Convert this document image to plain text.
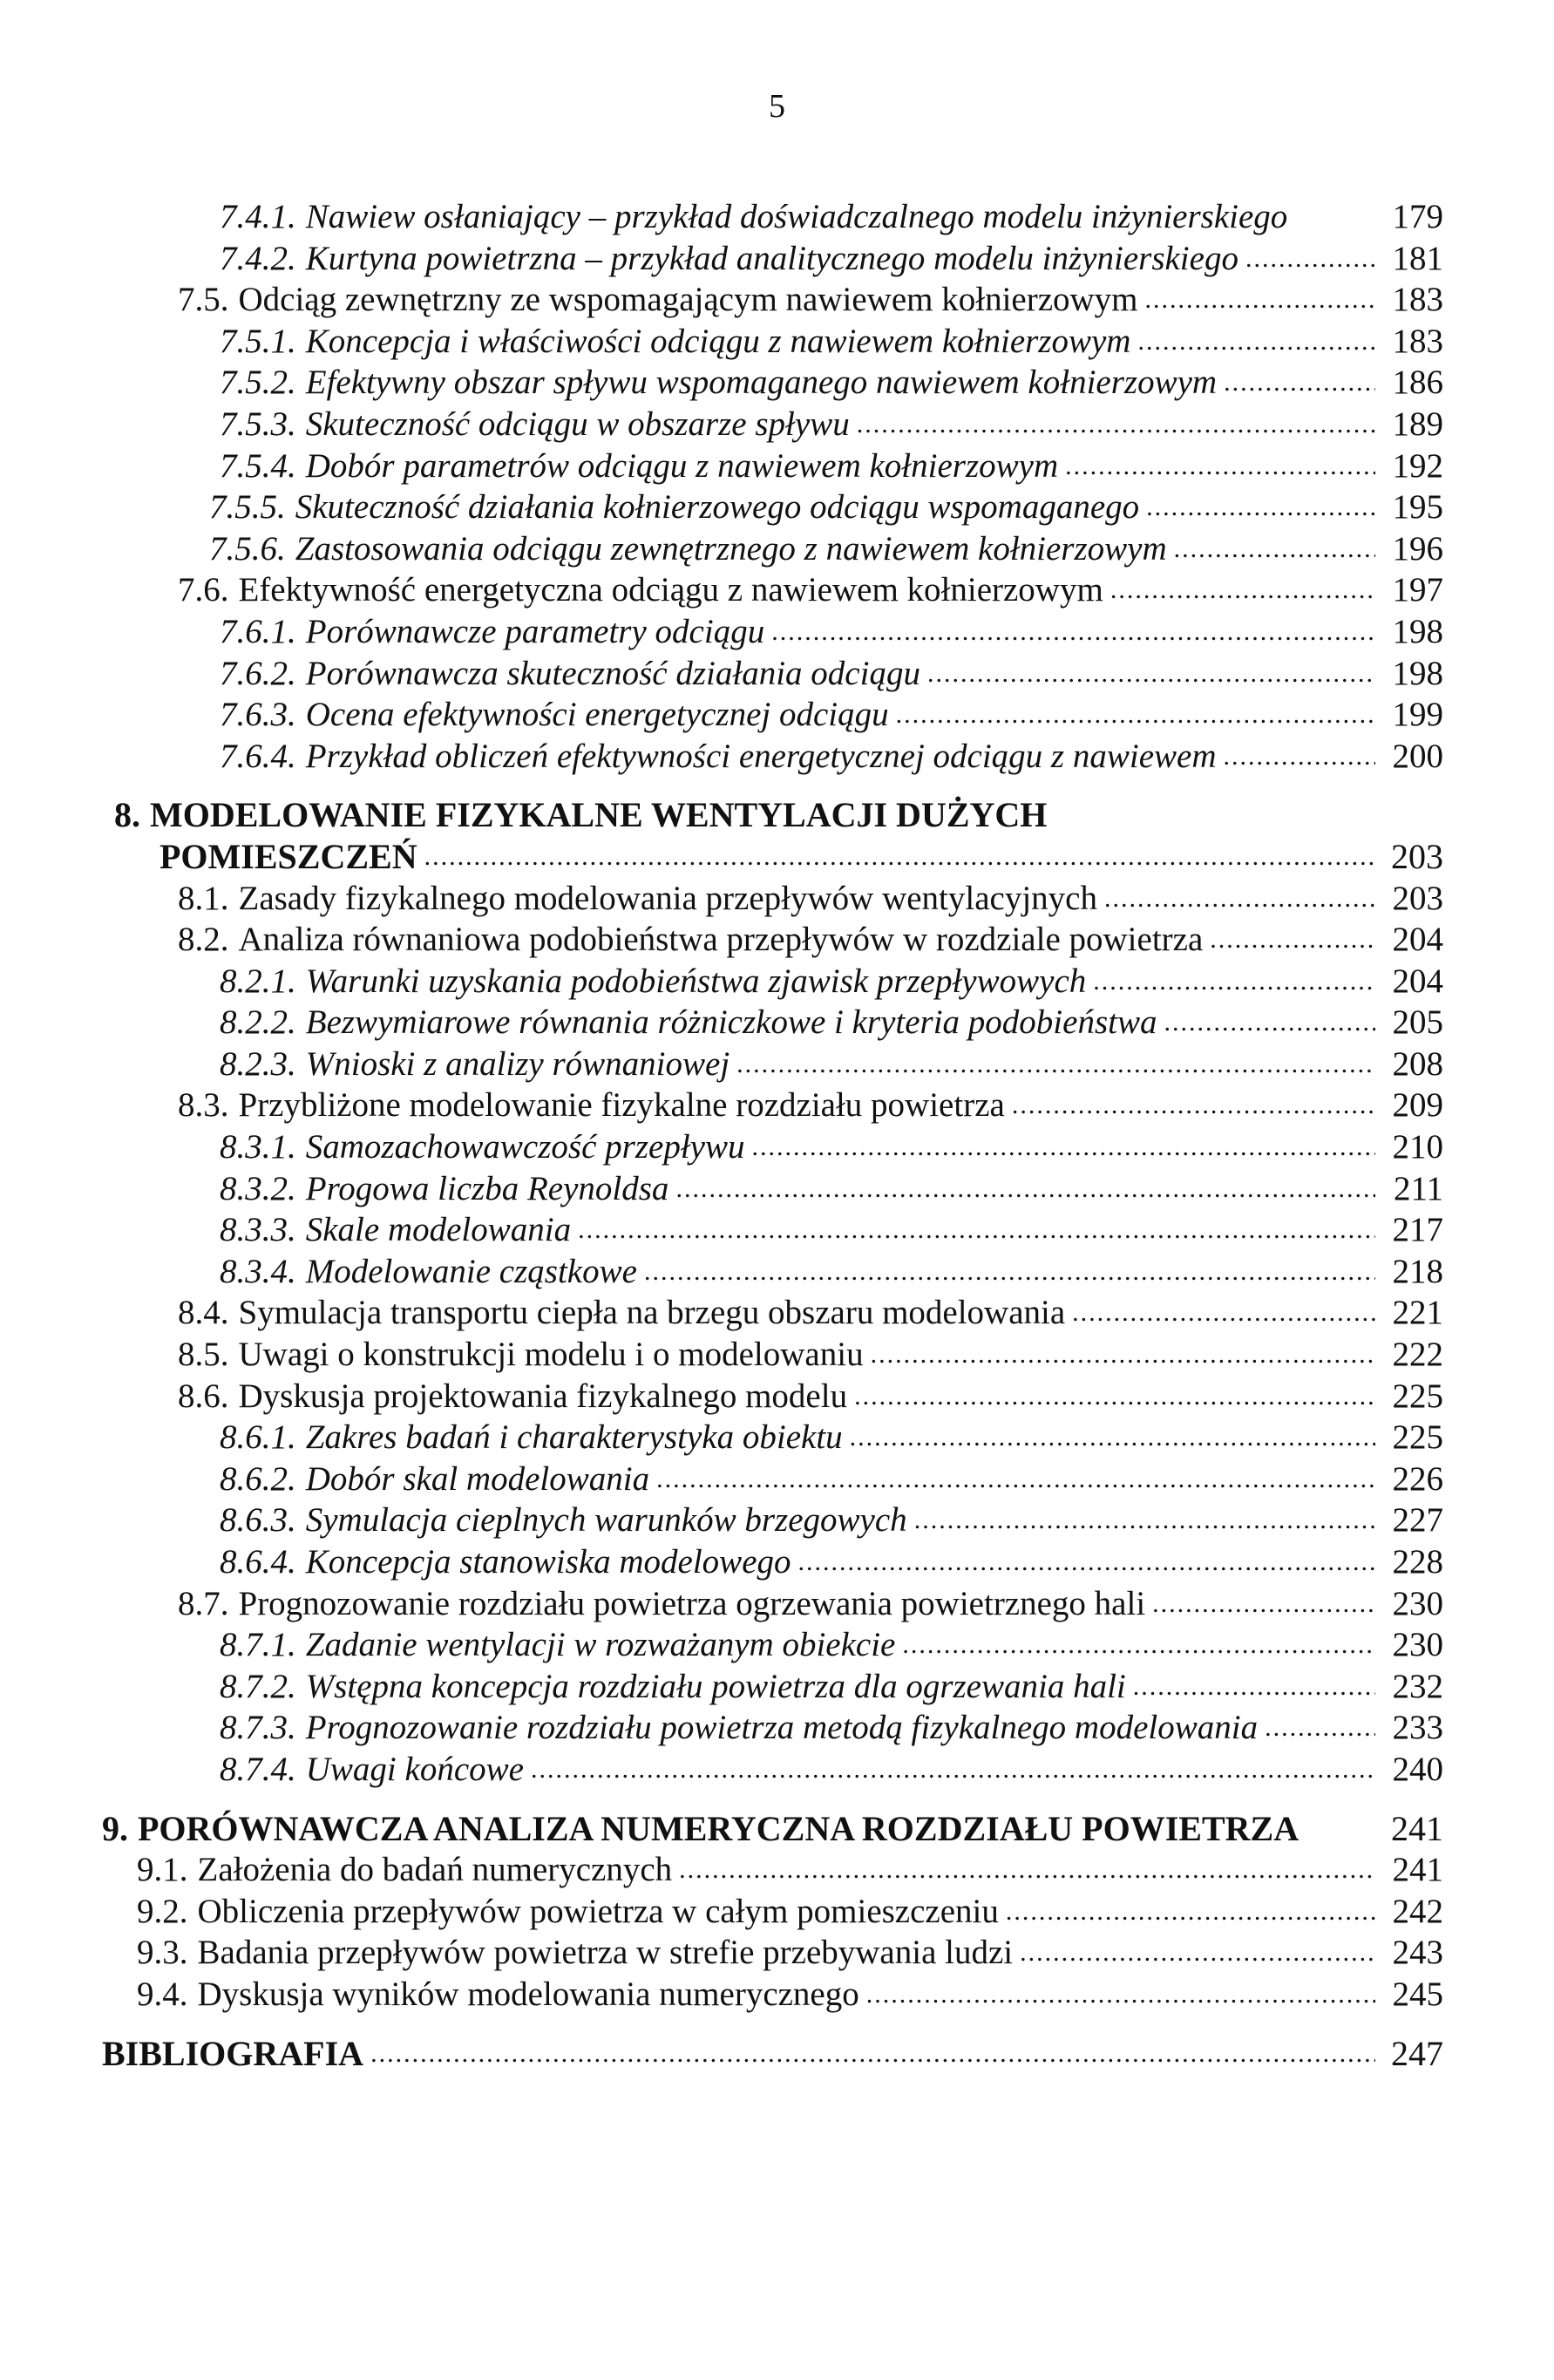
5
7.4.1. Nawiew osłaniający – przykład doświadczalnego modelu inżynierskiego	179
7.4.2. Kurtyna powietrzna – przykład analitycznego modelu inżynierskiego .....	181
7.5. Odciąg zewnętrzny ze wspomagającym nawiewem kołnierzowym .....	183
7.5.1. Koncepcja i właściwości odciągu z nawiewem kołnierzowym .....	183
7.5.2. Efektywny obszar spływu wspomaganego nawiewem kołnierzowym .....	186
7.5.3. Skuteczność odciągu w obszarze spływu .....	189
7.5.4. Dobór parametrów odciągu z nawiewem kołnierzowym .....	192
7.5.5. Skuteczność działania kołnierzowego odciągu wspomaganego .....	195
7.5.6. Zastosowania odciągu zewnętrznego z nawiewem kołnierzowym .....	196
7.6. Efektywność energetyczna odciągu z nawiewem kołnierzowym .....	197
7.6.1. Porównawcze parametry odciągu .....	198
7.6.2. Porównawcza skuteczność działania odciągu .....	198
7.6.3. Ocena efektywności energetycznej odciągu .....	199
7.6.4. Przykład obliczeń efektywności energetycznej odciągu z nawiewem .....	200
8. MODELOWANIE FIZYKALNE WENTYLACJI DUŻYCH
POMIESZCZEŃ .....	203
8.1. Zasady fizykalnego modelowania przepływów wentylacyjnych .....	203
8.2. Analiza równaniowa podobieństwa przepływów w rozdziale powietrza .....	204
8.2.1. Warunki uzyskania podobieństwa zjawisk przepływowych .....	204
8.2.2. Bezwymiarowe równania różniczkowe i kryteria podobieństwa .....	205
8.2.3. Wnioski z analizy równaniowej .....	208
8.3. Przybliżone modelowanie fizykalne rozdziału powietrza .....	209
8.3.1. Samozachowawczość przepływu .....	210
8.3.2. Progowa liczba Reynoldsa .....	211
8.3.3. Skale modelowania .....	217
8.3.4. Modelowanie cząstkowe .....	218
8.4. Symulacja transportu ciepła na brzegu obszaru modelowania .....	221
8.5. Uwagi o konstrukcji modelu i o modelowaniu .....	222
8.6. Dyskusja projektowania fizykalnego modelu .....	225
8.6.1. Zakres badań i charakterystyka obiektu .....	225
8.6.2. Dobór skal modelowania .....	226
8.6.3. Symulacja cieplnych warunków brzegowych .....	227
8.6.4. Koncepcja stanowiska modelowego .....	228
8.7. Prognozowanie rozdziału powietrza ogrzewania powietrznego hali .....	230
8.7.1. Zadanie wentylacji w rozważanym obiekcie .....	230
8.7.2. Wstępna koncepcja rozdziału powietrza dla ogrzewania hali .....	232
8.7.3. Prognozowanie rozdziału powietrza metodą fizykalnego modelowania .....	233
8.7.4. Uwagi końcowe .....	240
9. PORÓWNAWCZA ANALIZA NUMERYCZNA ROZDZIAŁU POWIETRZA	241
9.1. Założenia do badań numerycznych .....	241
9.2. Obliczenia przepływów powietrza w całym pomieszczeniu .....	242
9.3. Badania przepływów powietrza w strefie przebywania ludzi .....	243
9.4. Dyskusja wyników modelowania numerycznego .....	245
BIBLIOGRAFIA .....	247
